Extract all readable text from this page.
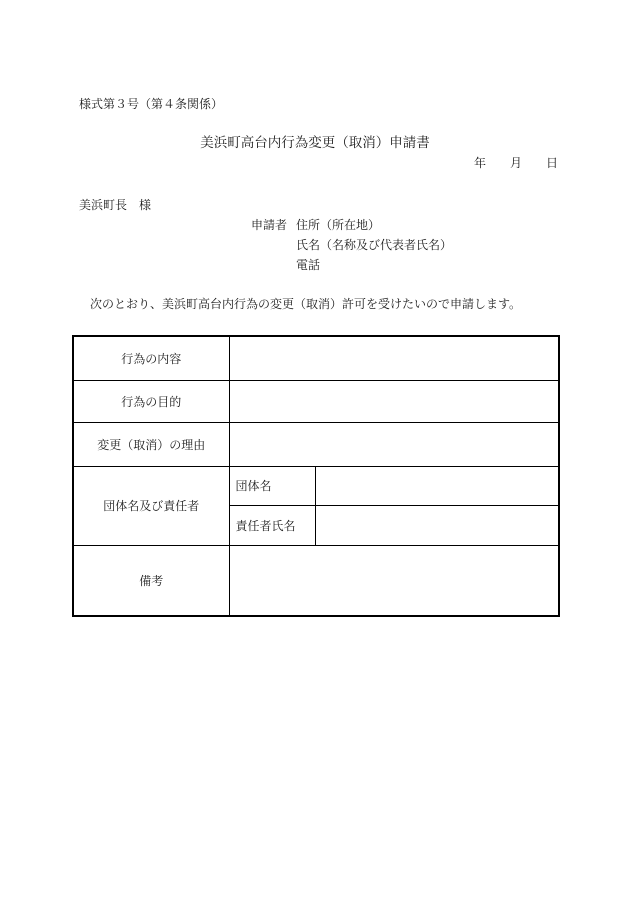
様式第３号（第４条関係）
美浜町高台内行為変更（取消）申請書
年 月 日
美浜町長　様
申請者 住所（所在地）
氏名（名称及び代表者氏名）
電話
次のとおり、美浜町高台内行為の変更（取消）許可を受けたいので申請します。
行為の内容		
行為の目的		
変更（取消）の理由		
団体名及び責任者	団体名	
	責任者氏名	
備考		
